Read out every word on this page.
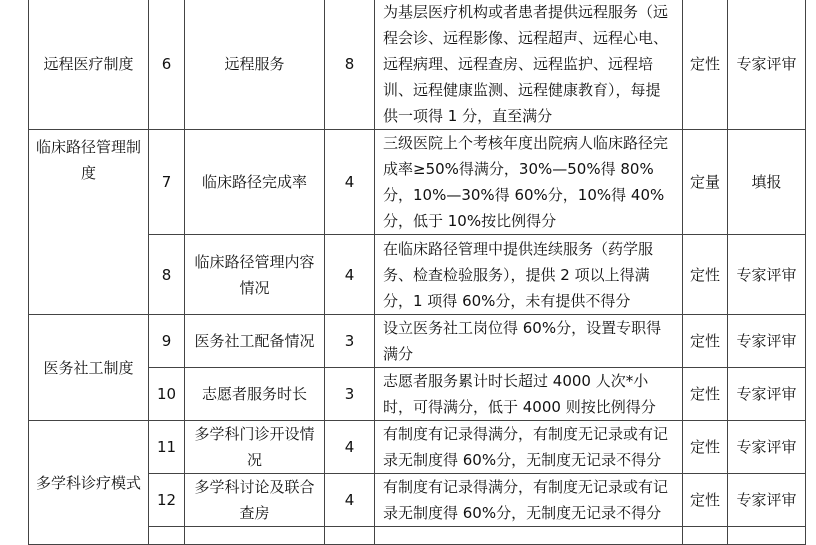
远程医疗制度	6	远程服务	8	为基层医疗机构或者患者提供远程服务（远程会诊、远程影像、远程超声、远程心电、远程病理、远程查房、远程监护、远程培训、远程健康监测、远程健康教育），每提供一项得 1 分，直至满分	定性	专家评审
临床路径管理制度	7	临床路径完成率	4	三级医院上个考核年度出院病人临床路径完成率≥50%得满分，30%—50%得 80%分，10%—30%得 60%分，10%得 40%分，低于 10%按比例得分	定量	填报
	8	临床路径管理内容情况	4	在临床路径管理中提供连续服务（药学服务、检查检验服务），提供 2 项以上得满分，1 项得 60%分，未有提供不得分	定性	专家评审
医务社工制度	9	医务社工配备情况	3	设立医务社工岗位得 60%分，设置专职得满分	定性	专家评审
	10	志愿者服务时长	3	志愿者服务累计时长超过 4000 人次*小时，可得满分，低于 4000 则按比例得分	定性	专家评审
多学科诊疗模式	11	多学科门诊开设情况	4	有制度有记录得满分，有制度无记录或有记录无制度得 60%分，无制度无记录不得分	定性	专家评审
	12	多学科讨论及联合查房	4	有制度有记录得满分，有制度无记录或有记录无制度得 60%分，无制度无记录不得分	定性	专家评审
